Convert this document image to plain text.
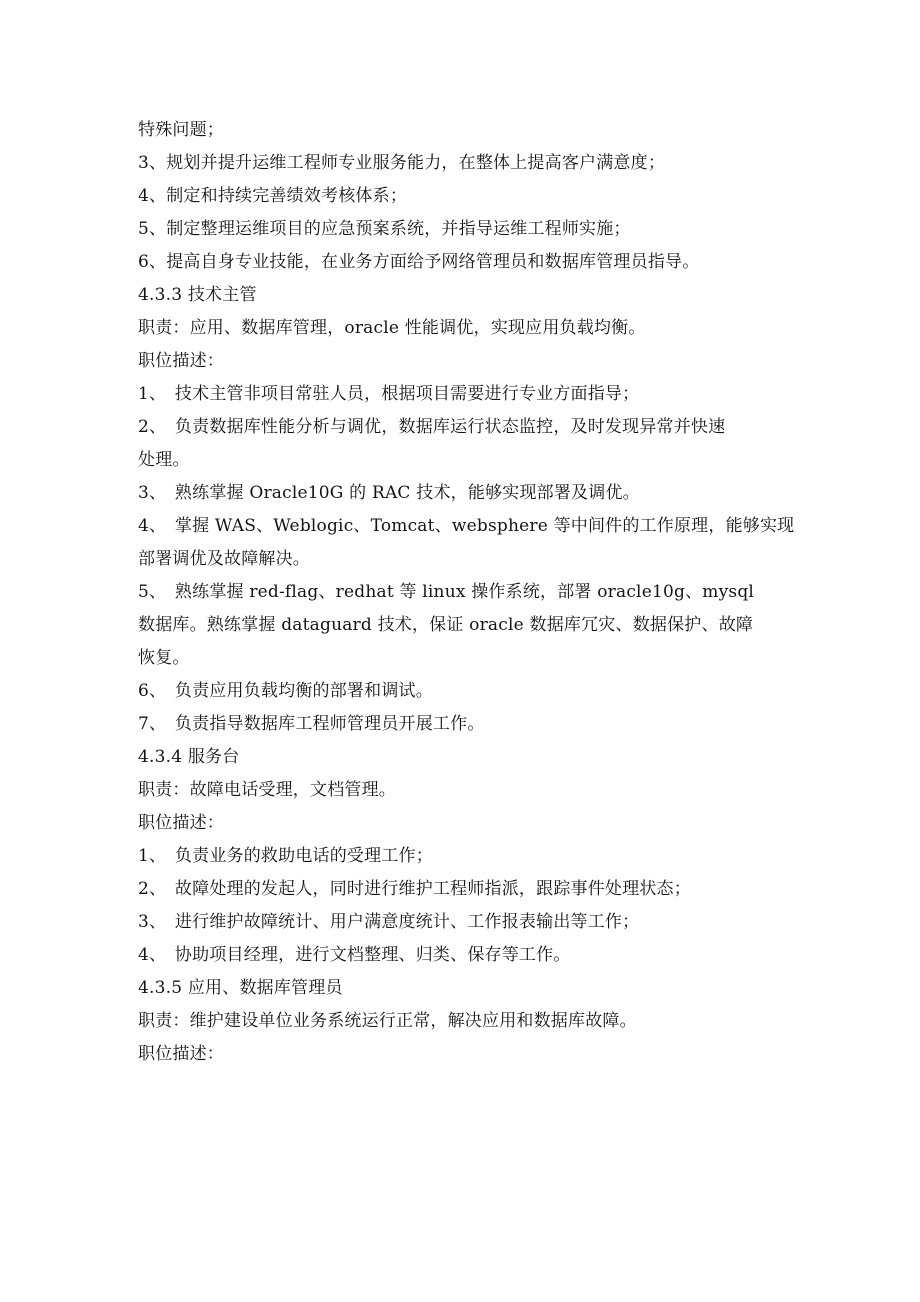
特殊问题；
3、规划并提升运维工程师专业服务能力，在整体上提高客户满意度；
4、制定和持续完善绩效考核体系；
5、制定整理运维项目的应急预案系统，并指导运维工程师实施；
6、提高自身专业技能，在业务方面给予网络管理员和数据库管理员指导。
4.3.3 技术主管
职责：应用、数据库管理，oracle 性能调优，实现应用负载均衡。
职位描述：
1、　技术主管非项目常驻人员，根据项目需要进行专业方面指导；
2、　负责数据库性能分析与调优，数据库运行状态监控，及时发现异常并快速
处理。
3、　熟练掌握 Oracle10G 的 RAC 技术，能够实现部署及调优。
4、　掌握 WAS、Weblogic、Tomcat、websphere 等中间件的工作原理，能够实现
部署调优及故障解决。
5、　熟练掌握 red-flag、redhat 等 linux 操作系统，部署 oracle10g、mysql
数据库。熟练掌握 dataguard 技术，保证 oracle 数据库冗灾、数据保护、故障
恢复。
6、　负责应用负载均衡的部署和调试。
7、　负责指导数据库工程师管理员开展工作。
4.3.4 服务台
职责：故障电话受理，文档管理。
职位描述：
1、　负责业务的救助电话的受理工作；
2、　故障处理的发起人，同时进行维护工程师指派，跟踪事件处理状态；
3、　进行维护故障统计、用户满意度统计、工作报表输出等工作；
4、　协助项目经理，进行文档整理、归类、保存等工作。
4.3.5 应用、数据库管理员
职责：维护建设单位业务系统运行正常，解决应用和数据库故障。
职位描述：
